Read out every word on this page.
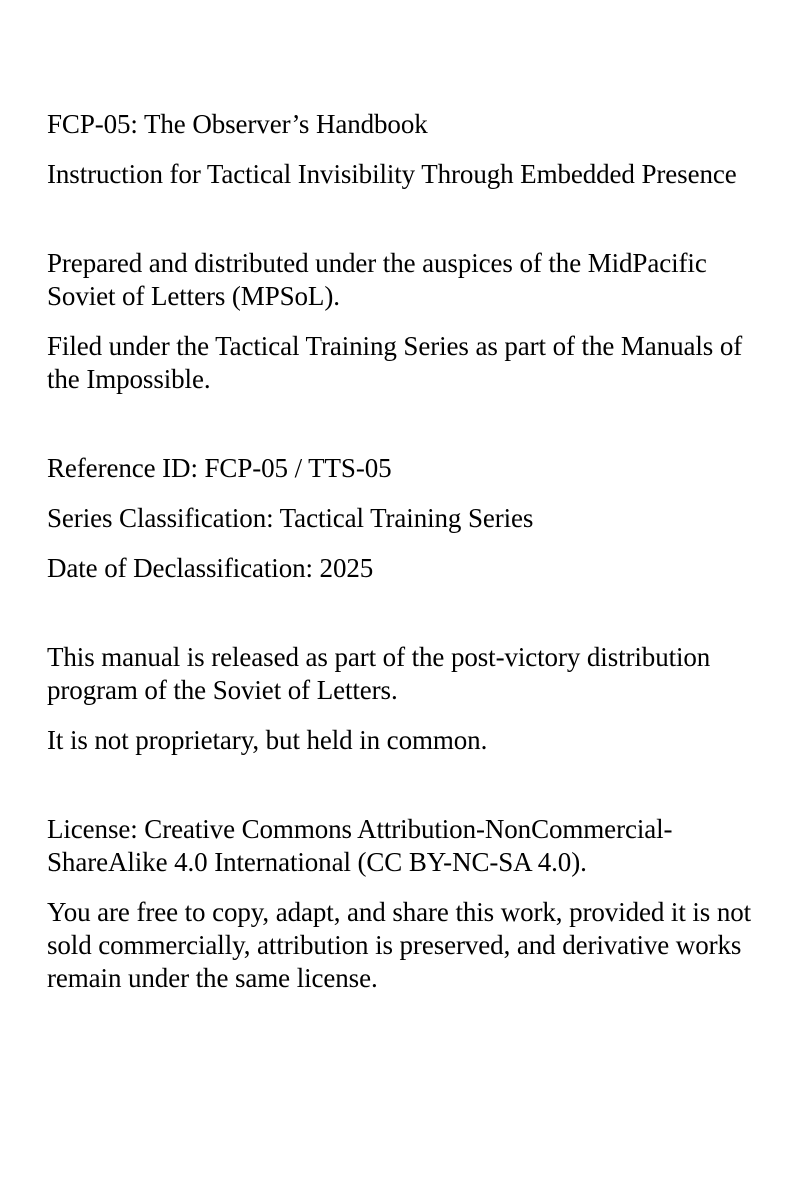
FCP-05: The Observer’s Handbook

Instruction for Tactical Invisibility Through Embedded Presence

Prepared and distributed under the auspices of the MidPacific Soviet of Letters (MPSoL).

Filed under the Tactical Training Series as part of the Manuals of the Impossible.

Reference ID: FCP-05 / TTS-05

Series Classification: Tactical Training Series

Date of Declassification: 2025

This manual is released as part of the post-victory distribution program of the Soviet of Letters.

It is not proprietary, but held in common.

License: Creative Commons Attribution-NonCommercial-ShareAlike 4.0 International (CC BY-NC-SA 4.0).

You are free to copy, adapt, and share this work, provided it is not sold commercially, attribution is preserved, and derivative works remain under the same license.
